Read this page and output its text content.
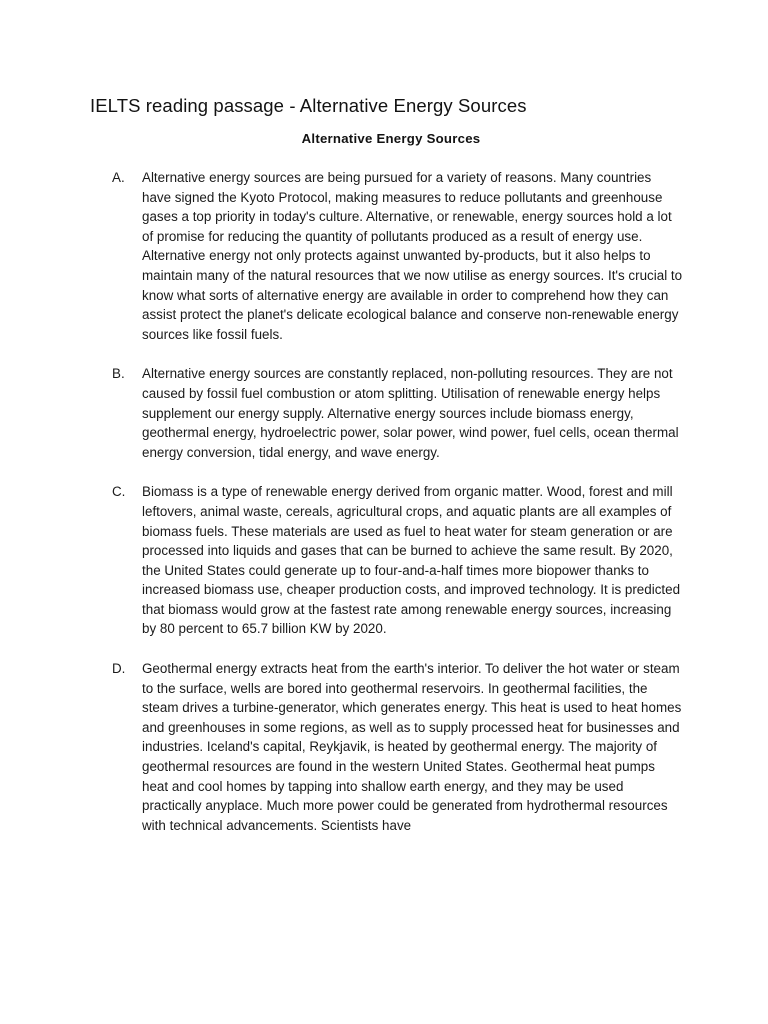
IELTS reading passage - Alternative Energy Sources
Alternative Energy Sources
A.	Alternative energy sources are being pursued for a variety of reasons. Many countries have signed the Kyoto Protocol, making measures to reduce pollutants and greenhouse gases a top priority in today's culture. Alternative, or renewable, energy sources hold a lot of promise for reducing the quantity of pollutants produced as a result of energy use. Alternative energy not only protects against unwanted by-products, but it also helps to maintain many of the natural resources that we now utilise as energy sources. It's crucial to know what sorts of alternative energy are available in order to comprehend how they can assist protect the planet's delicate ecological balance and conserve non-renewable energy sources like fossil fuels.
B.	Alternative energy sources are constantly replaced, non-polluting resources. They are not caused by fossil fuel combustion or atom splitting. Utilisation of renewable energy helps supplement our energy supply. Alternative energy sources include biomass energy, geothermal energy, hydroelectric power, solar power, wind power, fuel cells, ocean thermal energy conversion, tidal energy, and wave energy.
C.	Biomass is a type of renewable energy derived from organic matter. Wood, forest and mill leftovers, animal waste, cereals, agricultural crops, and aquatic plants are all examples of biomass fuels. These materials are used as fuel to heat water for steam generation or are processed into liquids and gases that can be burned to achieve the same result. By 2020, the United States could generate up to four-and-a-half times more biopower thanks to increased biomass use, cheaper production costs, and improved technology. It is predicted that biomass would grow at the fastest rate among renewable energy sources, increasing by 80 percent to 65.7 billion KW by 2020.
D.	Geothermal energy extracts heat from the earth's interior. To deliver the hot water or steam to the surface, wells are bored into geothermal reservoirs. In geothermal facilities, the steam drives a turbine-generator, which generates energy. This heat is used to heat homes and greenhouses in some regions, as well as to supply processed heat for businesses and industries. Iceland's capital, Reykjavik, is heated by geothermal energy. The majority of geothermal resources are found in the western United States. Geothermal heat pumps heat and cool homes by tapping into shallow earth energy, and they may be used practically anyplace. Much more power could be generated from hydrothermal resources with technical advancements. Scientists have
